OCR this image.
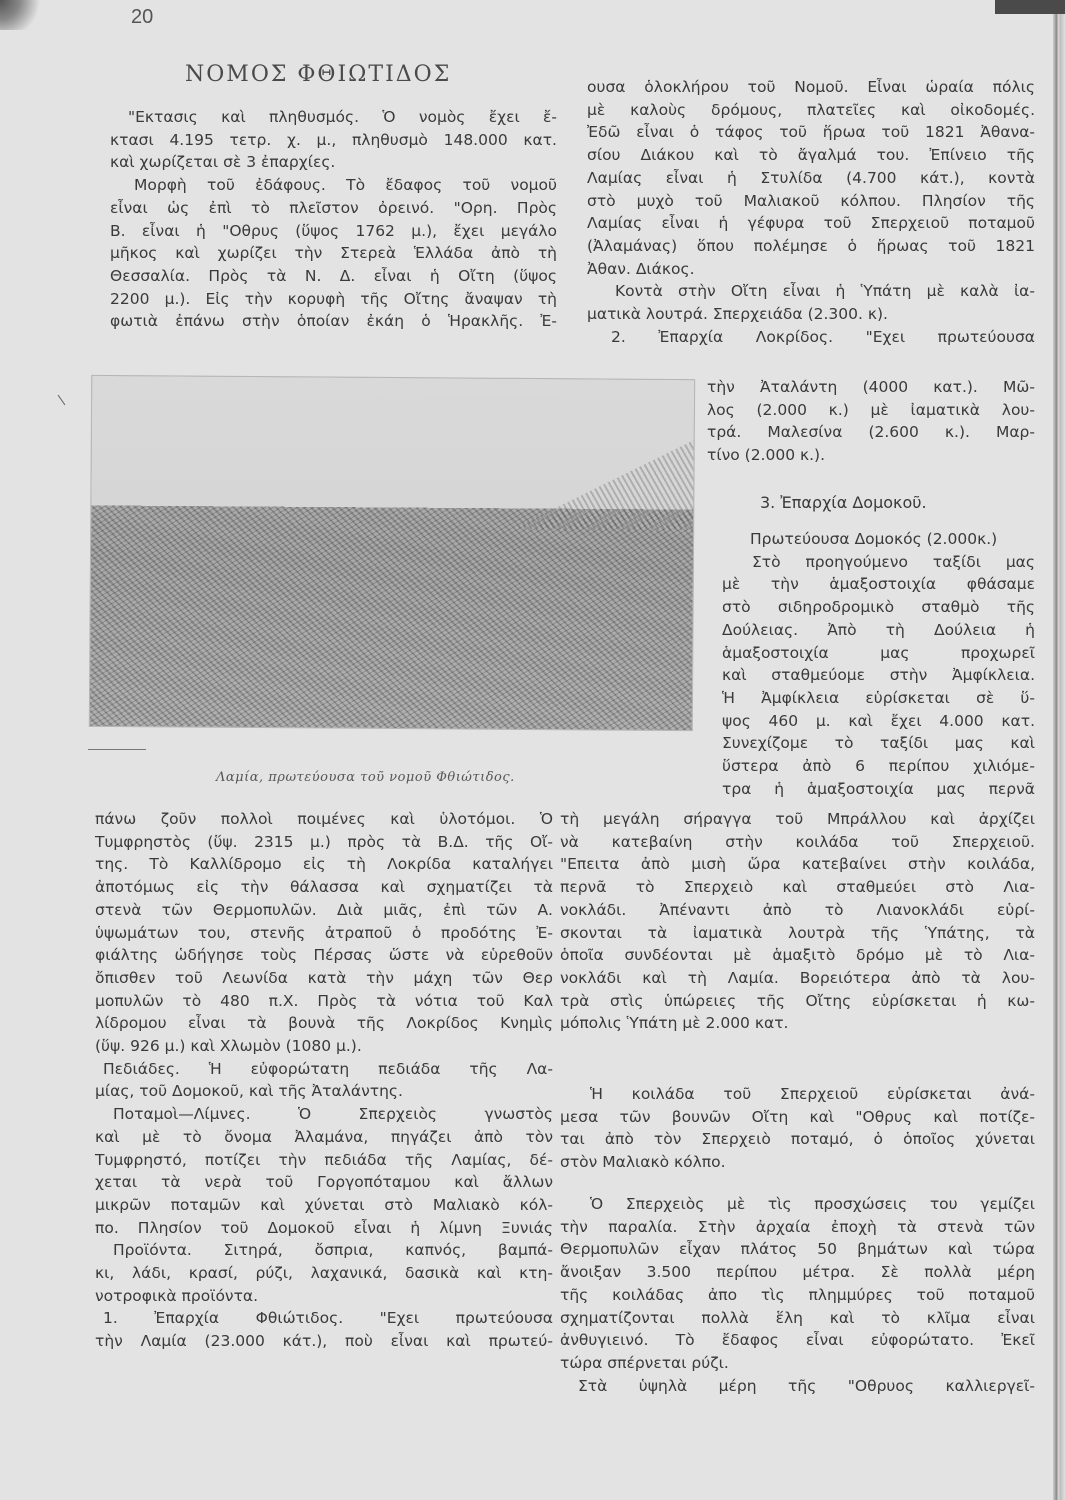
20
ΝΟΜΟΣ ΦΘΙΩΤΙΔΟΣ
"Εκτασις καὶ πληθυσμός. Ὁ νομὸς ἔχει ἔ-
κτασι 4.195 τετρ. χ. μ., πληθυσμὸ 148.000 κατ.
καὶ χωρίζεται σὲ 3 ἐπαρχίες.
Μορφὴ τοῦ ἐδάφους. Τὸ ἔδαφος τοῦ νομοῦ
εἶναι ὡς ἐπὶ τὸ πλεῖστον ὀρεινό. "Ορη. Πρὸς
Β. εἶναι ἡ "Οθρυς (ὕψος 1762 μ.), ἔχει μεγάλο
μῆκος καὶ χωρίζει τὴν Στερεὰ Ἑλλάδα ἀπὸ τὴ
Θεσσαλία. Πρὸς τὰ Ν. Δ. εἶναι ἡ Οἴτη (ὕψος
2200 μ.). Εἰς τὴν κορυφὴ τῆς Οἴτης ἄναψαν τὴ
φωτιὰ ἐπάνω στὴν ὁποίαν ἐκάη ὁ Ἡρακλῆς. Ἐ-
ουσα ὁλοκλήρου τοῦ Νομοῦ. Εἶναι ὡραία πόλις
μὲ καλοὺς δρόμους, πλατεῖες καὶ οἰκοδομές.
Ἐδῶ εἶναι ὁ τάφος τοῦ ἥρωα τοῦ 1821 Ἀθανα-
σίου Διάκου καὶ τὸ ἄγαλμά του. Ἐπίνειο τῆς
Λαμίας εἶναι ἡ Στυλίδα (4.700 κάτ.), κοντὰ
στὸ μυχὸ τοῦ Μαλιακοῦ κόλπου. Πλησίον τῆς
Λαμίας εἶναι ἡ γέφυρα τοῦ Σπερχειοῦ ποταμοῦ
(Ἀλαμάνας) ὅπου πολέμησε ὁ ἥρωας τοῦ 1821
Ἀθαν. Διάκος.
Κοντὰ στὴν Οἴτη εἶναι ἡ Ὑπάτη μὲ καλὰ ἰα-
ματικὰ λουτρά. Σπερχειάδα (2.300. κ).
2. Ἐπαρχία Λοκρίδος. "Εχει πρωτεύουσα
τὴν Ἀταλάντη (4000 κατ.). Μῶ-
λος (2.000 κ.) μὲ ἰαματικὰ λου-
τρά. Μαλεσίνα (2.600 κ.). Μαρ-
τίνο (2.000 κ.).
3. Ἐπαρχία Δομοκοῦ.
Πρωτεύουσα Δομοκός (2.000κ.)
Στὸ προηγούμενο ταξίδι μας
μὲ τὴν ἁμαξοστοιχία φθάσαμε
στὸ σιδηροδρομικὸ σταθμὸ τῆς
Δούλειας. Ἀπὸ τὴ Δούλεια ἡ
ἁμαξοστοιχία μας προχωρεῖ
καὶ σταθμεύομε στὴν Ἀμφίκλεια.
Ἡ Ἀμφίκλεια εὑρίσκεται σὲ ὕ-
ψος 460 μ. καὶ ἔχει 4.000 κατ.
Συνεχίζομε τὸ ταξίδι μας καὶ
ὕστερα ἀπὸ 6 περίπου χιλιόμε-
τρα ἡ ἁμαξοστοιχία μας περνᾶ
Λαμία, πρωτεύουσα τοῦ νομοῦ Φθιώτιδος.
πάνω ζοῦν πολλοὶ ποιμένες καὶ ὑλοτόμοι. Ὁ
Τυμφρηστὸς (ὕψ. 2315 μ.) πρὸς τὰ Β.Δ. τῆς Οἴ-
της. Τὸ Καλλίδρομο εἰς τὴ Λοκρίδα καταλήγει
ἀποτόμως εἰς τὴν θάλασσα καὶ σχηματίζει τὰ
στενὰ τῶν Θερμοπυλῶν. Διὰ μιᾶς, ἐπὶ τῶν Α.
ὑψωμάτων του, στενῆς ἀτραποῦ ὁ προδότης Ἐ-
φιάλτης ὡδήγησε τοὺς Πέρσας ὥστε νὰ εὑρεθοῦν
ὄπισθεν τοῦ Λεωνίδα κατὰ τὴν μάχη τῶν Θερ
μοπυλῶν τὸ 480 π.Χ. Πρὸς τὰ νότια τοῦ Καλ
λίδρομου εἶναι τὰ βουνὰ τῆς Λοκρίδος Κνημὶς
(ὕψ. 926 μ.) καὶ Χλωμὸν (1080 μ.).
Πεδιάδες. Ἡ εὐφορώτατη πεδιάδα τῆς Λα-
μίας, τοῦ Δομοκοῦ, καὶ τῆς Ἀταλάντης.
Ποταμοὶ—Λίμνες. Ὁ Σπερχειὸς γνωστὸς
καὶ μὲ τὸ ὄνομα Ἀλαμάνα, πηγάζει ἀπὸ τὸν
Τυμφρηστό, ποτίζει τὴν πεδιάδα τῆς Λαμίας, δέ-
χεται τὰ νερὰ τοῦ Γοργοπόταμου καὶ ἄλλων
μικρῶν ποταμῶν καὶ χύνεται στὸ Μαλιακὸ κόλ-
πο. Πλησίον τοῦ Δομοκοῦ εἶναι ἡ λίμνη Ξυνιάς
Προϊόντα. Σιτηρά, ὄσπρια, καπνός, βαμπά-
κι, λάδι, κρασί, ρύζι, λαχανικά, δασικὰ καὶ κτη-
νοτροφικὰ προϊόντα.
1. Ἐπαρχία Φθιώτιδος. "Εχει πρωτεύουσα
τὴν Λαμία (23.000 κάτ.), ποὺ εἶναι καὶ πρωτεύ-
τὴ μεγάλη σήραγγα τοῦ Μπράλλου καὶ ἀρχίζει
νὰ κατεβαίνη στὴν κοιλάδα τοῦ Σπερχειοῦ.
"Επειτα ἀπὸ μισὴ ὥρα κατεβαίνει στὴν κοιλάδα,
περνᾶ τὸ Σπερχειὸ καὶ σταθμεύει στὸ Λια-
νοκλάδι. Ἀπέναντι ἀπὸ τὸ Λιανοκλάδι εὑρί-
σκονται τὰ ἰαματικὰ λουτρὰ τῆς Ὑπάτης, τὰ
ὁποῖα συνδέονται μὲ ἁμαξιτὸ δρόμο μὲ τὸ Λια-
νοκλάδι καὶ τὴ Λαμία. Βορειότερα ἀπὸ τὰ λου-
τρὰ στὶς ὑπώρειες τῆς Οἴτης εὑρίσκεται ἡ κω-
μόπολις Ὑπάτη μὲ 2.000 κατ.
Ἡ κοιλάδα τοῦ Σπερχειοῦ εὑρίσκεται ἀνά-
μεσα τῶν βουνῶν Οἴτη καὶ "Οθρυς καὶ ποτίζε-
ται ἀπὸ τὸν Σπερχειὸ ποταμό, ὁ ὁποῖος χύνεται
στὸν Μαλιακὸ κόλπο.
Ὁ Σπερχειὸς μὲ τὶς προσχώσεις του γεμίζει
τὴν παραλία. Στὴν ἀρχαία ἐποχὴ τὰ στενὰ τῶν
Θερμοπυλῶν εἶχαν πλάτος 50 βημάτων καὶ τώρα
ἄνοιξαν 3.500 περίπου μέτρα. Σὲ πολλὰ μέρη
τῆς κοιλάδας ἀπο τὶς πλημμύρες τοῦ ποταμοῦ
σχηματίζονται πολλὰ ἕλη καὶ τὸ κλῖμα εἶναι
ἀνθυγιεινό. Τὸ ἔδαφος εἶναι εὐφορώτατο. Ἐκεῖ
τώρα σπέρνεται ρύζι.
Στὰ ὑψηλὰ μέρη τῆς "Οθρυος καλλιεργεῖ-
